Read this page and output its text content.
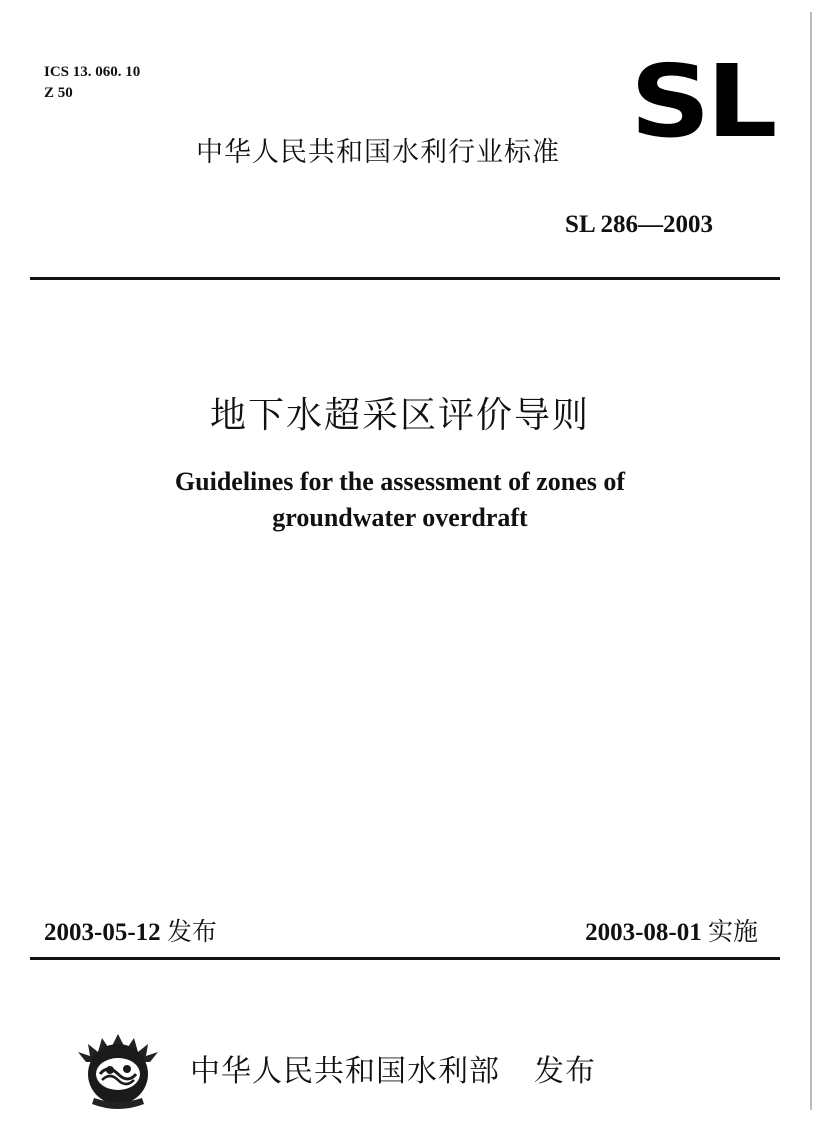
ICS 13. 060. 10
Z 50	SL
中华人民共和国水利行业标准
SL 286—2003
地下水超采区评价导则
Guidelines for the assessment of zones of
groundwater overdraft
2003-05-12 发布	2003-08-01 实施
中华人民共和国水利部 发布
